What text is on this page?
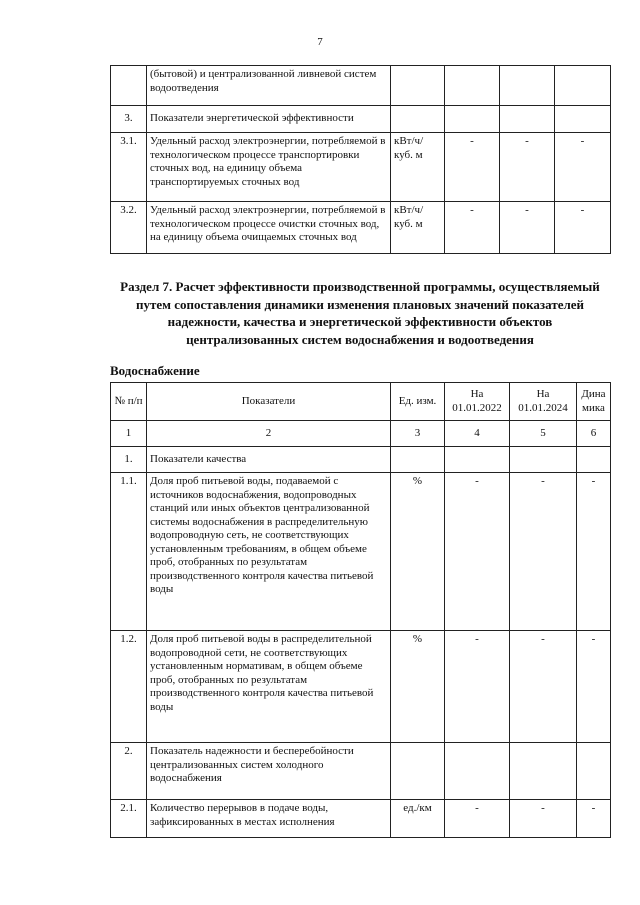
7
	(бытовой) и централизованной ливневой систем водоотведения				
3.	Показатели энергетической эффективности				
3.1.	Удельный расход электроэнергии, потребляемой в технологическом процессе транспортировки сточных вод, на единицу объема транспортируемых сточных вод	кВт/ч/ куб. м	-	-	-
3.2.	Удельный расход электроэнергии, потребляемой в технологическом процессе очистки сточных вод, на единицу объема очищаемых сточных вод	кВт/ч/ куб. м	-	-	-
Раздел 7. Расчет эффективности производственной программы, осуществляемый путем сопоставления динамики изменения плановых значений показателей надежности, качества и энергетической эффективности объектов централизованных систем водоснабжения и водоотведения
Водоснабжение
№ п/п	Показатели	Ед. изм.	На 01.01.2022	На 01.01.2024	Динамика
1	2	3	4	5	6
1.	Показатели качества				
1.1.	Доля проб питьевой воды, подаваемой с источников водоснабжения, водопроводных станций или иных объектов централизованной системы водоснабжения в распределительную водопроводную сеть, не соответствующих установленным требованиям, в общем объеме проб, отобранных по результатам производственного контроля качества питьевой воды	%	-	-	-
1.2.	Доля проб питьевой воды в распределительной водопроводной сети, не соответствующих установленным нормативам, в общем объеме проб, отобранных по результатам производственного контроля качества питьевой воды	%	-	-	-
2.	Показатель надежности и бесперебойности централизованных систем холодного водоснабжения				
2.1.	Количество перерывов в подаче воды, зафиксированных в местах исполнения	ед./км	-	-	-
